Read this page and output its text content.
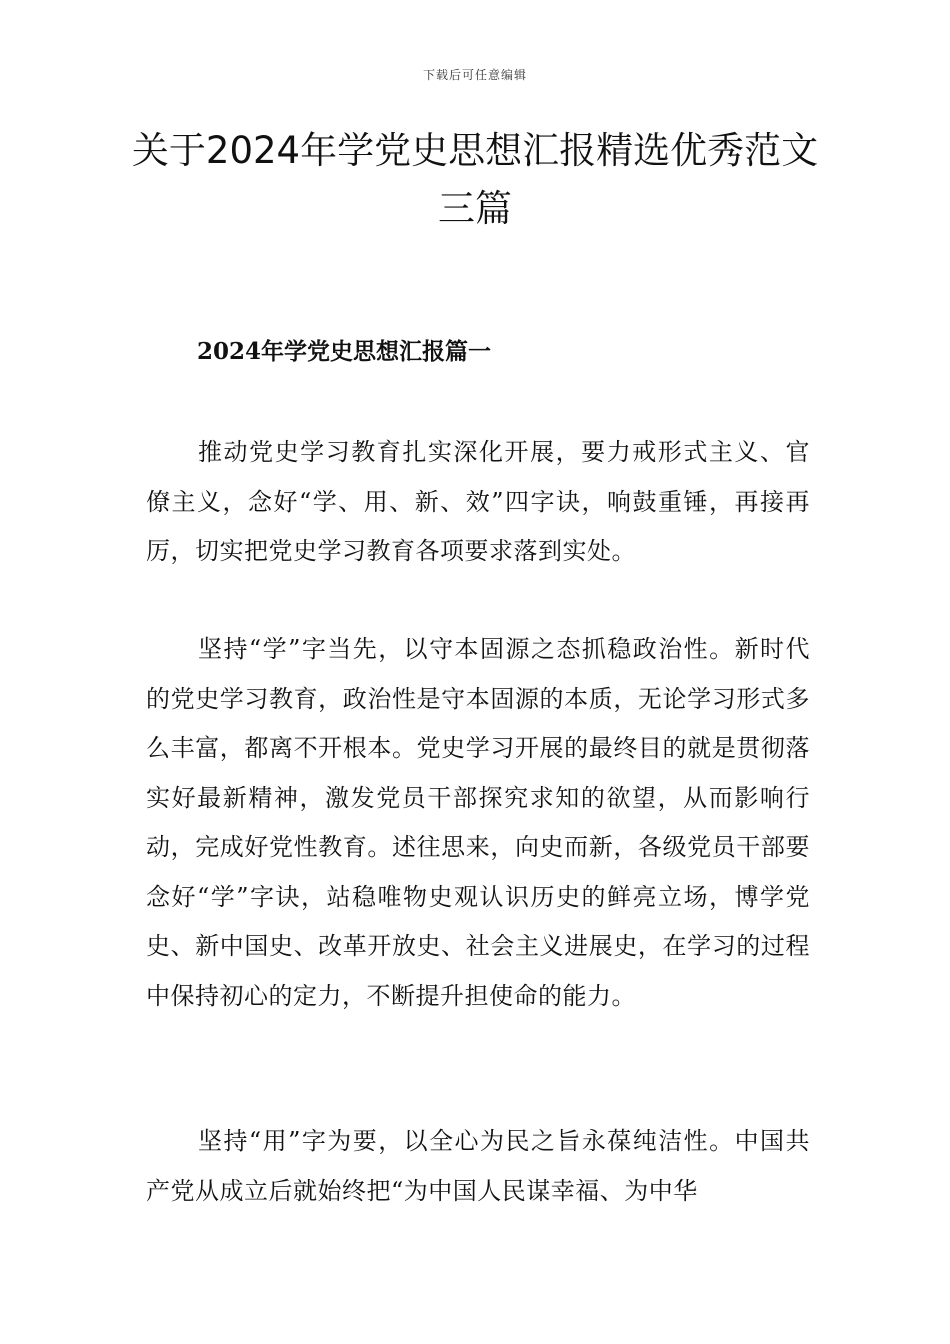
下载后可任意编辑
关于2024年学党史思想汇报精选优秀范文三篇
2024年学党史思想汇报篇一

推动党史学习教育扎实深化开展，要力戒形式主义、官僚主义，念好“学、用、新、效”四字诀，响鼓重锤，再接再厉，切实把党史学习教育各项要求落到实处。

坚持“学”字当先，以守本固源之态抓稳政治性。新时代的党史学习教育，政治性是守本固源的本质，无论学习形式多么丰富，都离不开根本。党史学习开展的最终目的就是贯彻落实好最新精神，激发党员干部探究求知的欲望，从而影响行动，完成好党性教育。述往思来，向史而新，各级党员干部要念好“学”字诀，站稳唯物史观认识历史的鲜亮立场，博学党史、新中国史、改革开放史、社会主义进展史，在学习的过程中保持初心的定力，不断提升担使命的能力。

坚持“用”字为要，以全心为民之旨永葆纯洁性。中国共产党从成立后就始终把“为中国人民谋幸福、为中华
